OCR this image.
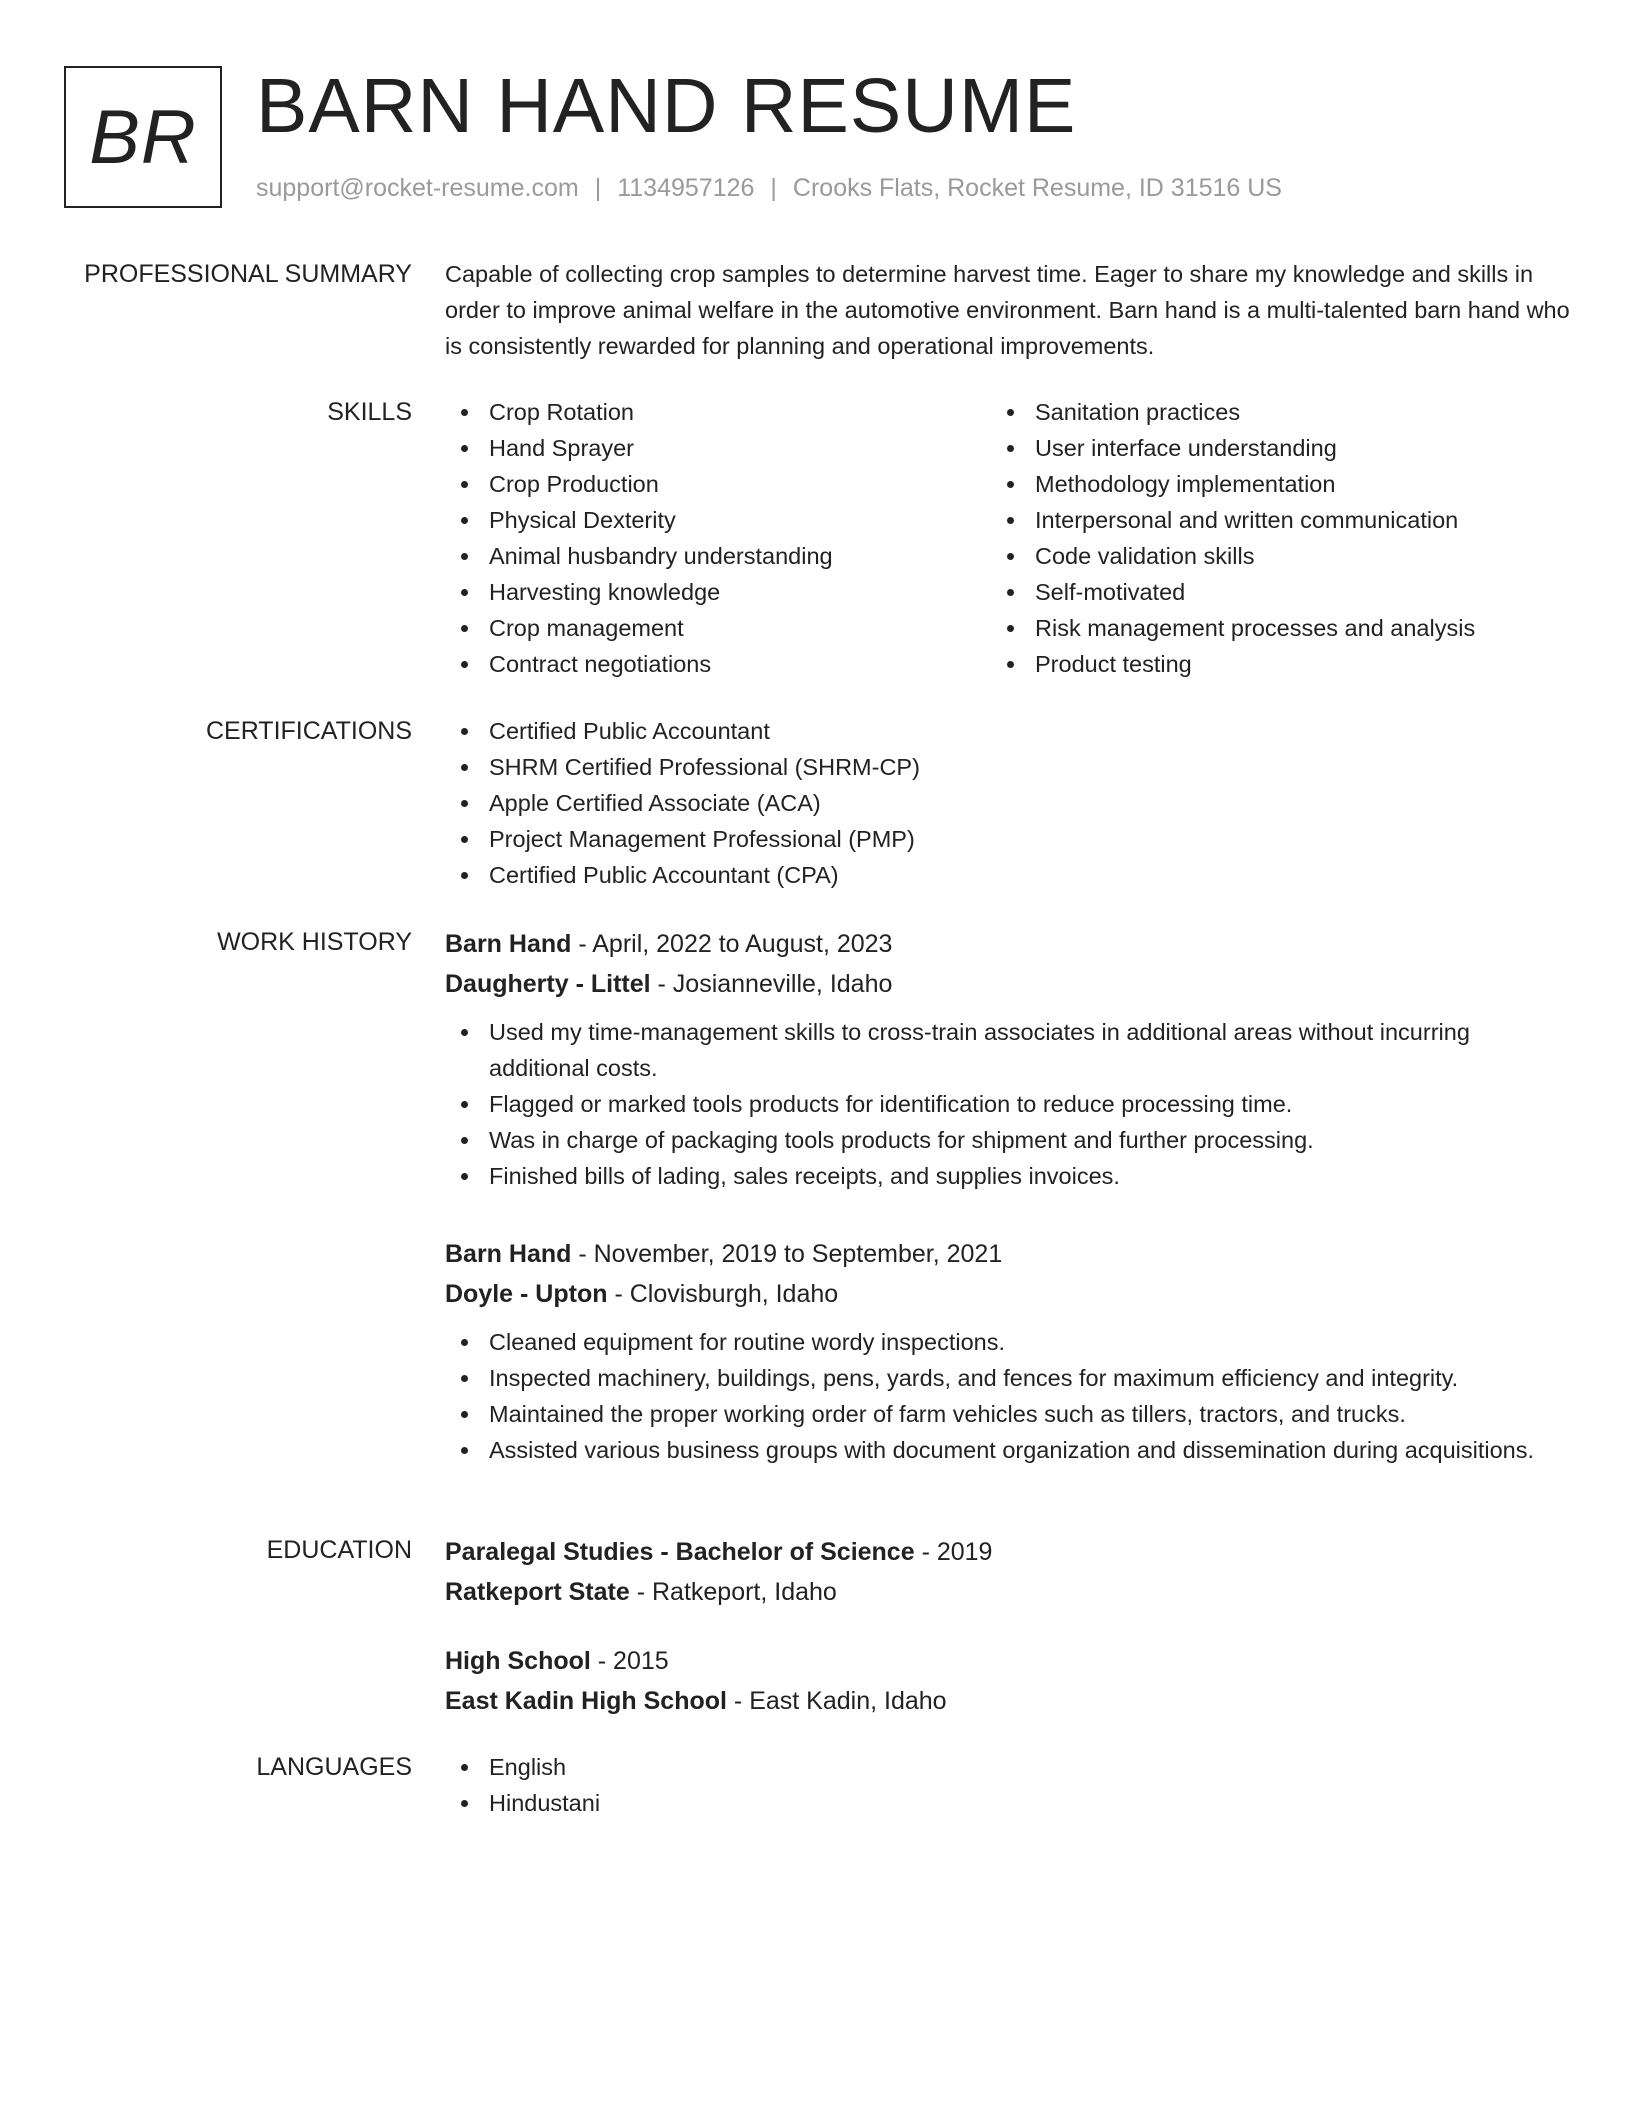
BR BARN HAND RESUME
support@rocket-resume.com | 1134957126 | Crooks Flats, Rocket Resume, ID 31516 US
PROFESSIONAL SUMMARY Capable of collecting crop samples to determine harvest time. Eager to share my knowledge and skills in order to improve animal welfare in the automotive environment. Barn hand is a multi-talented barn hand who is consistently rewarded for planning and operational improvements.

SKILLS	Crop Rotation
Hand Sprayer
Crop Production
Physical Dexterity
Animal husbandry understanding
Harvesting knowledge
Crop management
Contract negotiations
Sanitation practices
User interface understanding
Methodology implementation
Interpersonal and written communication
Code validation skills
Self-motivated
Risk management processes and analysis
Product testing
CERTIFICATIONS	Certified Public Accountant
SHRM Certified Professional (SHRM-CP)
Apple Certified Associate (ACA)
Project Management Professional (PMP)
Certified Public Accountant (CPA)
WORK HISTORY Barn Hand - April, 2022 to August, 2023
Daugherty - Littel - Josianneville, Idaho
Used my time-management skills to cross-train associates in additional areas without incurring additional costs.
Flagged or marked tools products for identification to reduce processing time.
Was in charge of packaging tools products for shipment and further processing.
Finished bills of lading, sales receipts, and supplies invoices.
Barn Hand - November, 2019 to September, 2021
Doyle - Upton - Clovisburgh, Idaho
Cleaned equipment for routine wordy inspections.
Inspected machinery, buildings, pens, yards, and fences for maximum efficiency and integrity.
Maintained the proper working order of farm vehicles such as tillers, tractors, and trucks.
Assisted various business groups with document organization and dissemination during acquisitions.
EDUCATION Paralegal Studies - Bachelor of Science - 2019
Ratkeport State - Ratkeport, Idaho
High School - 2015
East Kadin High School - East Kadin, Idaho
LANGUAGES	English
Hindustani
